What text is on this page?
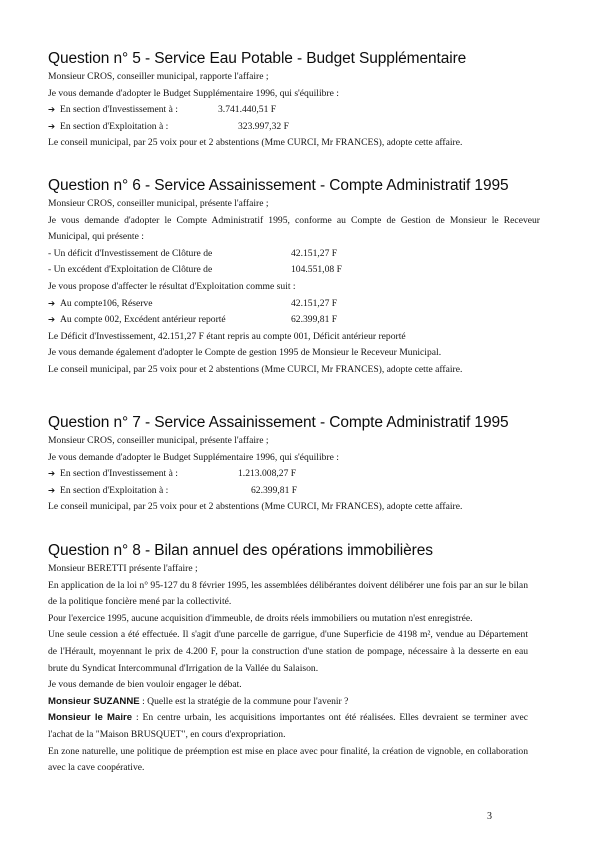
Question n° 5 - Service Eau Potable - Budget Supplémentaire
Monsieur CROS, conseiller municipal, rapporte l'affaire ;
Je vous demande d'adopter le Budget Supplémentaire 1996, qui s'équilibre :
➔ En section d'Investissement à :	3.741.440,51 F
➔ En section d'Exploitation à :	323.997,32 F
Le conseil municipal, par 25 voix pour et 2 abstentions (Mme CURCI, Mr FRANCES), adopte cette affaire.
Question n° 6 - Service Assainissement - Compte Administratif 1995
Monsieur CROS, conseiller municipal, présente l'affaire ;
Je vous demande d'adopter le Compte Administratif 1995, conforme au Compte de Gestion de Monsieur le Receveur Municipal, qui présente :
- Un déficit d'Investissement de Clôture de	42.151,27 F
- Un excédent d'Exploitation de Clôture de	104.551,08 F
Je vous propose d'affecter le résultat d'Exploitation comme suit :
➔ Au compte106, Réserve	42.151,27 F
➔ Au compte 002, Excédent antérieur reporté	62.399,81 F
Le Déficit d'Investissement, 42.151,27 F étant repris au compte 001, Déficit antérieur reporté
Je vous demande également d'adopter le Compte de gestion 1995 de Monsieur le Receveur Municipal.
Le conseil municipal, par 25 voix pour et 2 abstentions (Mme CURCI, Mr FRANCES), adopte cette affaire.
Question n° 7 - Service Assainissement - Compte Administratif 1995
Monsieur CROS, conseiller municipal, présente l'affaire ;
Je vous demande d'adopter le Budget Supplémentaire 1996, qui s'équilibre :
➔ En section d'Investissement à :	1.213.008,27 F
➔ En section d'Exploitation à :	62.399,81 F
Le conseil municipal, par 25 voix pour et 2 abstentions (Mme CURCI, Mr FRANCES), adopte cette affaire.
Question n° 8 - Bilan annuel des opérations immobilières
Monsieur BERETTI présente l'affaire ;
En application de la loi n° 95-127 du 8 février 1995, les assemblées délibérantes doivent délibérer une fois par an sur le bilan de la politique foncière mené par la collectivité.
Pour l'exercice 1995, aucune acquisition d'immeuble, de droits réels immobiliers ou mutation n'est enregistrée.
Une seule cession a été effectuée. Il s'agit d'une parcelle de garrigue, d'une Superficie de 4198 m², vendue au Département de l'Hérault, moyennant le prix de 4.200 F, pour la construction d'une station de pompage, nécessaire à la desserte en eau brute du Syndicat Intercommunal d'Irrigation de la Vallée du Salaison.
Je vous demande de bien vouloir engager le débat.
Monsieur SUZANNE : Quelle est la stratégie de la commune pour l'avenir ?
Monsieur le Maire : En centre urbain, les acquisitions importantes ont été réalisées. Elles devraient se terminer avec l'achat de la "Maison BRUSQUET", en cours d'expropriation.
En zone naturelle, une politique de préemption est mise en place avec pour finalité, la création de vignoble, en collaboration avec la cave coopérative.
3
